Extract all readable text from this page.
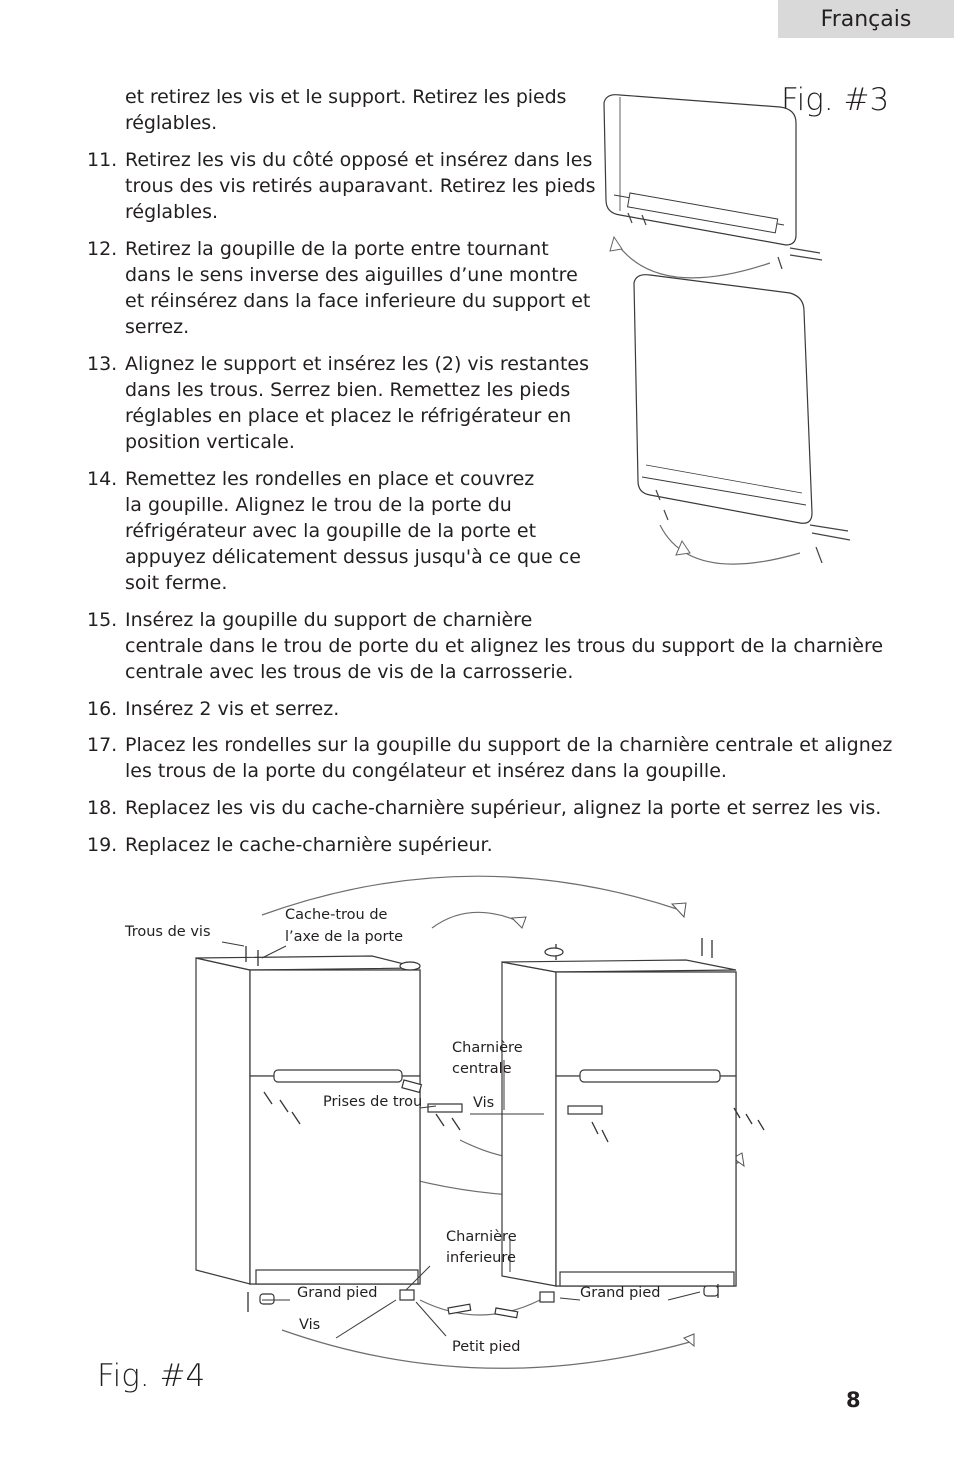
Français
Fig. #3
et retirez les vis et le support. Retirez les pieds
réglables.
11. Retirez les vis du côté opposé et insérez dans les
trous des vis retirés auparavant. Retirez les pieds
réglables.
12. Retirez la goupille de la porte entre tournant
dans le sens inverse des aiguilles d’une montre
et réinsérez dans la face inferieure du support et
serrez.
13. Alignez le support et insérez les (2) vis restantes
dans les trous. Serrez bien. Remettez les pieds
réglables en place et placez le réfrigérateur en
position verticale.
14. Remettez les rondelles en place et couvrez
la goupille. Alignez le trou de la porte du
réfrigérateur avec la goupille de la porte et
appuyez délicatement dessus jusqu'à ce que ce
soit ferme.
15. Insérez la goupille du support de charnière
centrale dans le trou de porte du et alignez les trous du support de la charnière
centrale avec les trous de vis de la carrosserie.
16. Insérez 2 vis et serrez.
17. Placez les rondelles sur la goupille du support de la charnière centrale et alignez
les trous de la porte du congélateur et insérez dans la goupille.
18. Replacez les vis du cache-charnière supérieur, alignez la porte et serrez les vis.
19. Replacez le cache-charnière supérieur.
Trous de vis
Cache-trou de
l’axe de la porte
Charnière
centrale
Prises de trou	Vis
Charnière
inferieure
Grand pied	Grand pied
Vis
Petit pied
Fig. #4
8
